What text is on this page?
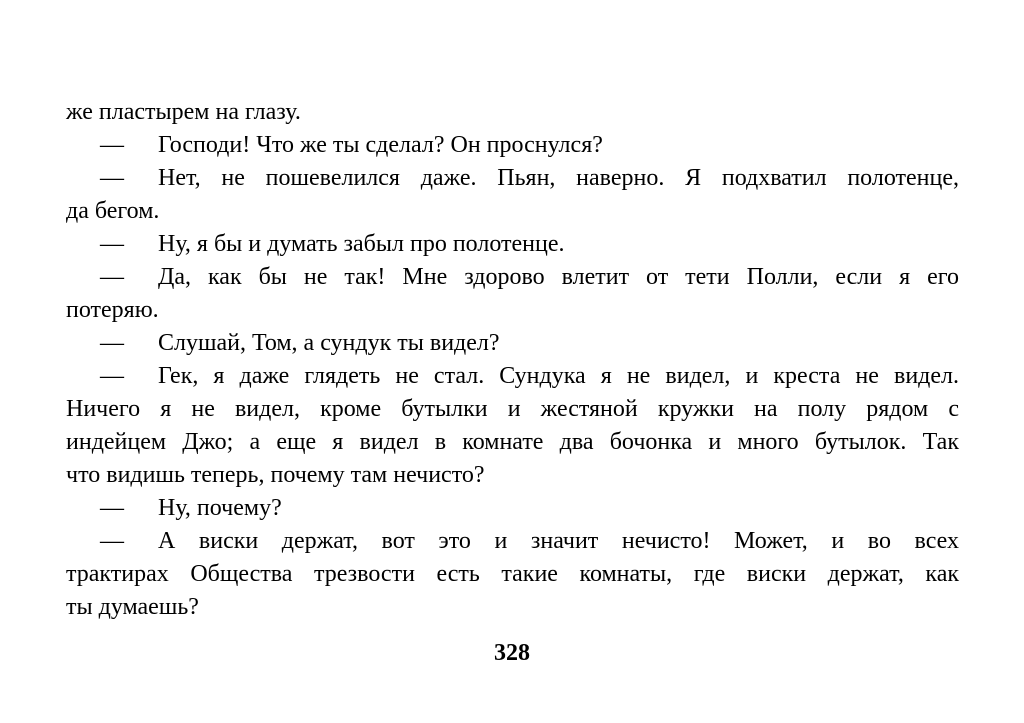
же пластырем на глазу.
— Господи! Что же ты сделал? Он проснулся?
— Нет, не пошевелился даже. Пьян, наверно. Я подхватил полотенце,
да бегом.
— Ну, я бы и думать забыл про полотенце.
— Да, как бы не так! Мне здорово влетит от тети Полли, если я его
потеряю.
— Слушай, Том, а сундук ты видел?
— Гек, я даже глядеть не стал. Сундука я не видел, и креста не видел.
Ничего я не видел, кроме бутылки и жестяной кружки на полу рядом с
индейцем Джо; а еще я видел в комнате два бочонка и много бутылок. Так
что видишь теперь, почему там нечисто?
— Ну, почему?
— А виски держат, вот это и значит нечисто! Может, и во всех
трактирах Общества трезвости есть такие комнаты, где виски держат, как
ты думаешь?
328
